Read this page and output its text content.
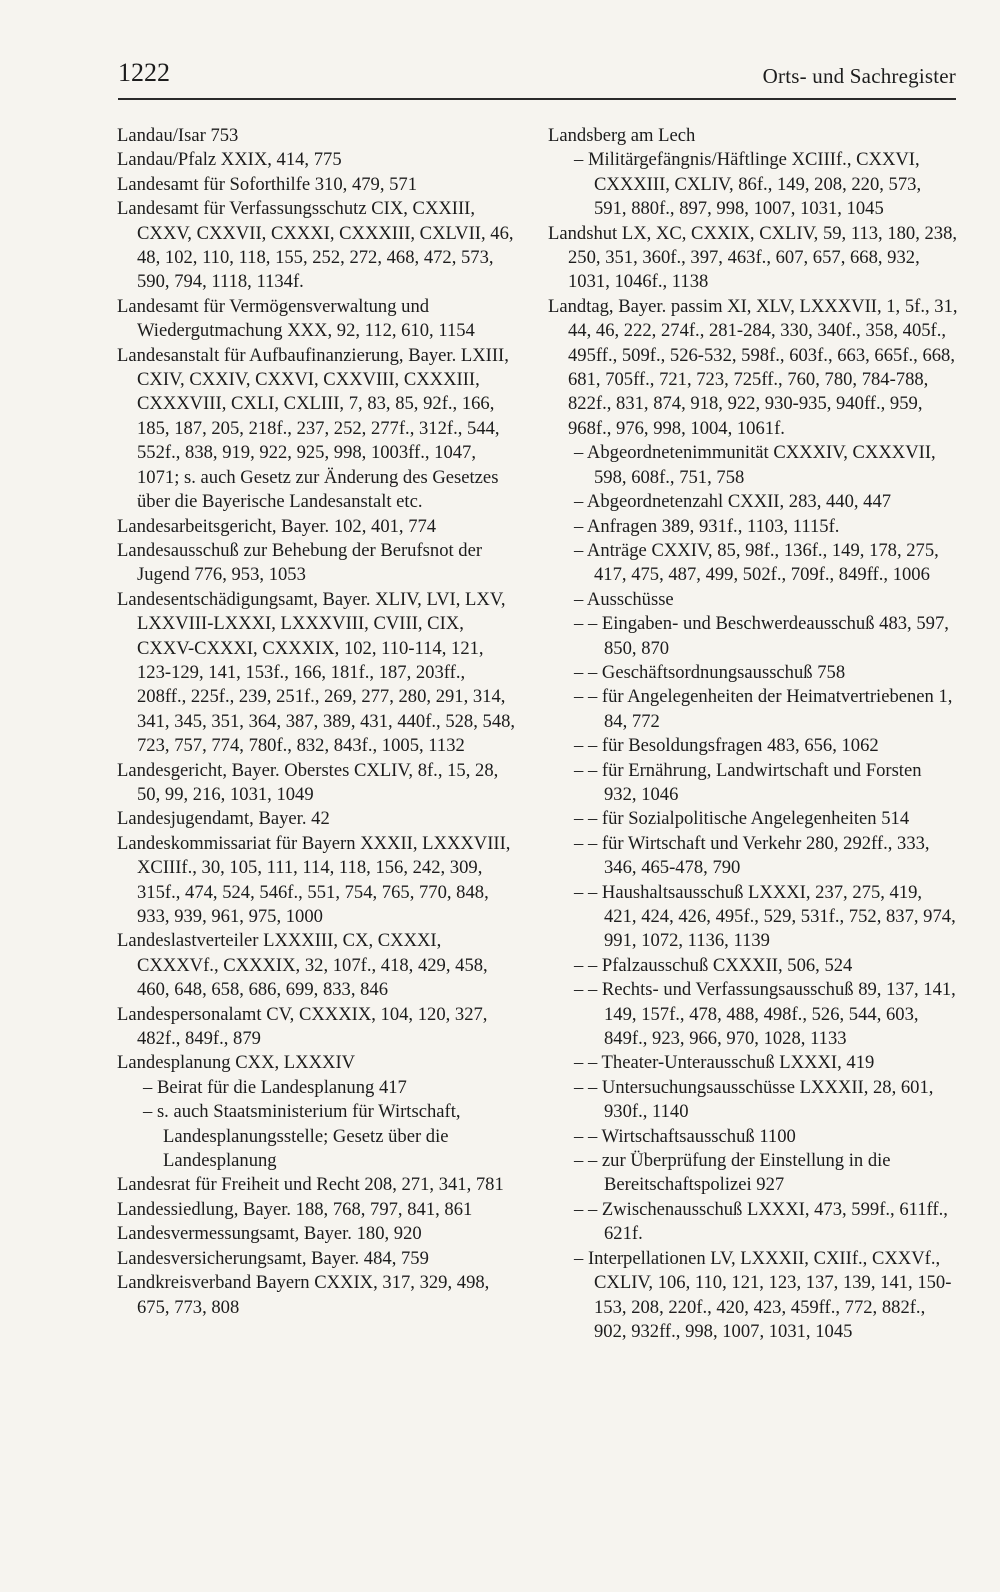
1222	Orts- und Sachregister

Landau/Isar 753

Landau/Pfalz XXIX, 414, 775

Landesamt für Soforthilfe 310, 479, 571

Landesamt für Verfassungsschutz CIX, CXXIII, CXXV, CXXVII, CXXXI, CXXXIII, CXLVII, 46, 48, 102, 110, 118, 155, 252, 272, 468, 472, 573, 590, 794, 1118, 1134f.

Landesamt für Vermögensverwaltung und Wiedergutmachung XXX, 92, 112, 610, 1154

Landesanstalt für Aufbaufinanzierung, Bayer. LXIII, CXIV, CXXIV, CXXVI, CXXVIII, CXXXIII, CXXXVIII, CXLI, CXLIII, 7, 83, 85, 92f., 166, 185, 187, 205, 218f., 237, 252, 277f., 312f., 544, 552f., 838, 919, 922, 925, 998, 1003ff., 1047, 1071; s. auch Gesetz zur Änderung des Gesetzes über die Bayerische Landesanstalt etc.

Landesarbeitsgericht, Bayer. 102, 401, 774

Landesausschuß zur Behebung der Berufsnot der Jugend 776, 953, 1053

Landesentschädigungsamt, Bayer. XLIV, LVI, LXV, LXXVIII-LXXXI, LXXXVIII, CVIII, CIX, CXXV-CXXXI, CXXXIX, 102, 110-114, 121, 123-129, 141, 153f., 166, 181f., 187, 203ff., 208ff., 225f., 239, 251f., 269, 277, 280, 291, 314, 341, 345, 351, 364, 387, 389, 431, 440f., 528, 548, 723, 757, 774, 780f., 832, 843f., 1005, 1132

Landesgericht, Bayer. Oberstes CXLIV, 8f., 15, 28, 50, 99, 216, 1031, 1049

Landesjugendamt, Bayer. 42

Landeskommissariat für Bayern XXXII, LXXXVIII, XCIIIf., 30, 105, 111, 114, 118, 156, 242, 309, 315f., 474, 524, 546f., 551, 754, 765, 770, 848, 933, 939, 961, 975, 1000

Landeslastverteiler LXXXIII, CX, CXXXI, CXXXVf., CXXXIX, 32, 107f., 418, 429, 458, 460, 648, 658, 686, 699, 833, 846

Landespersonalamt CV, CXXXIX, 104, 120, 327, 482f., 849f., 879

Landesplanung CXX, LXXXIV

– Beirat für die Landesplanung 417

– s. auch Staatsministerium für Wirtschaft, Landesplanungsstelle; Gesetz über die Landesplanung

Landesrat für Freiheit und Recht 208, 271, 341, 781

Landessiedlung, Bayer. 188, 768, 797, 841, 861

Landesvermessungsamt, Bayer. 180, 920

Landesversicherungsamt, Bayer. 484, 759

Landkreisverband Bayern CXXIX, 317, 329, 498, 675, 773, 808

Landsberg am Lech

– Militärgefängnis/Häftlinge XCIIIf., CXXVI, CXXXIII, CXLIV, 86f., 149, 208, 220, 573, 591, 880f., 897, 998, 1007, 1031, 1045

Landshut LX, XC, CXXIX, CXLIV, 59, 113, 180, 238, 250, 351, 360f., 397, 463f., 607, 657, 668, 932, 1031, 1046f., 1138

Landtag, Bayer. passim XI, XLV, LXXXVII, 1, 5f., 31, 44, 46, 222, 274f., 281-284, 330, 340f., 358, 405f., 495ff., 509f., 526-532, 598f., 603f., 663, 665f., 668, 681, 705ff., 721, 723, 725ff., 760, 780, 784-788, 822f., 831, 874, 918, 922, 930-935, 940ff., 959, 968f., 976, 998, 1004, 1061f.

– Abgeordnetenimmunität CXXXIV, CXXXVII, 598, 608f., 751, 758

– Abgeordnetenzahl CXXII, 283, 440, 447

– Anfragen 389, 931f., 1103, 1115f.

– Anträge CXXIV, 85, 98f., 136f., 149, 178, 275, 417, 475, 487, 499, 502f., 709f., 849ff., 1006

– Ausschüsse

– – Eingaben- und Beschwerdeausschuß 483, 597, 850, 870

– – Geschäftsordnungsausschuß 758

– – für Angelegenheiten der Heimatvertriebenen 1, 84, 772

– – für Besoldungsfragen 483, 656, 1062

– – für Ernährung, Landwirtschaft und Forsten 932, 1046

– – für Sozialpolitische Angelegenheiten 514

– – für Wirtschaft und Verkehr 280, 292ff., 333, 346, 465-478, 790

– – Haushaltsausschuß LXXXI, 237, 275, 419, 421, 424, 426, 495f., 529, 531f., 752, 837, 974, 991, 1072, 1136, 1139

– – Pfalzausschuß CXXXII, 506, 524

– – Rechts- und Verfassungsausschuß 89, 137, 141, 149, 157f., 478, 488, 498f., 526, 544, 603, 849f., 923, 966, 970, 1028, 1133

– – Theater-Unterausschuß LXXXI, 419

– – Untersuchungsausschüsse LXXXII, 28, 601, 930f., 1140

– – Wirtschaftsausschuß 1100

– – zur Überprüfung der Einstellung in die Bereitschaftspolizei 927

– – Zwischenausschuß LXXXI, 473, 599f., 611ff., 621f.

– Interpellationen LV, LXXXII, CXIIf., CXXVf., CXLIV, 106, 110, 121, 123, 137, 139, 141, 150-153, 208, 220f., 420, 423, 459ff., 772, 882f., 902, 932ff., 998, 1007, 1031, 1045
